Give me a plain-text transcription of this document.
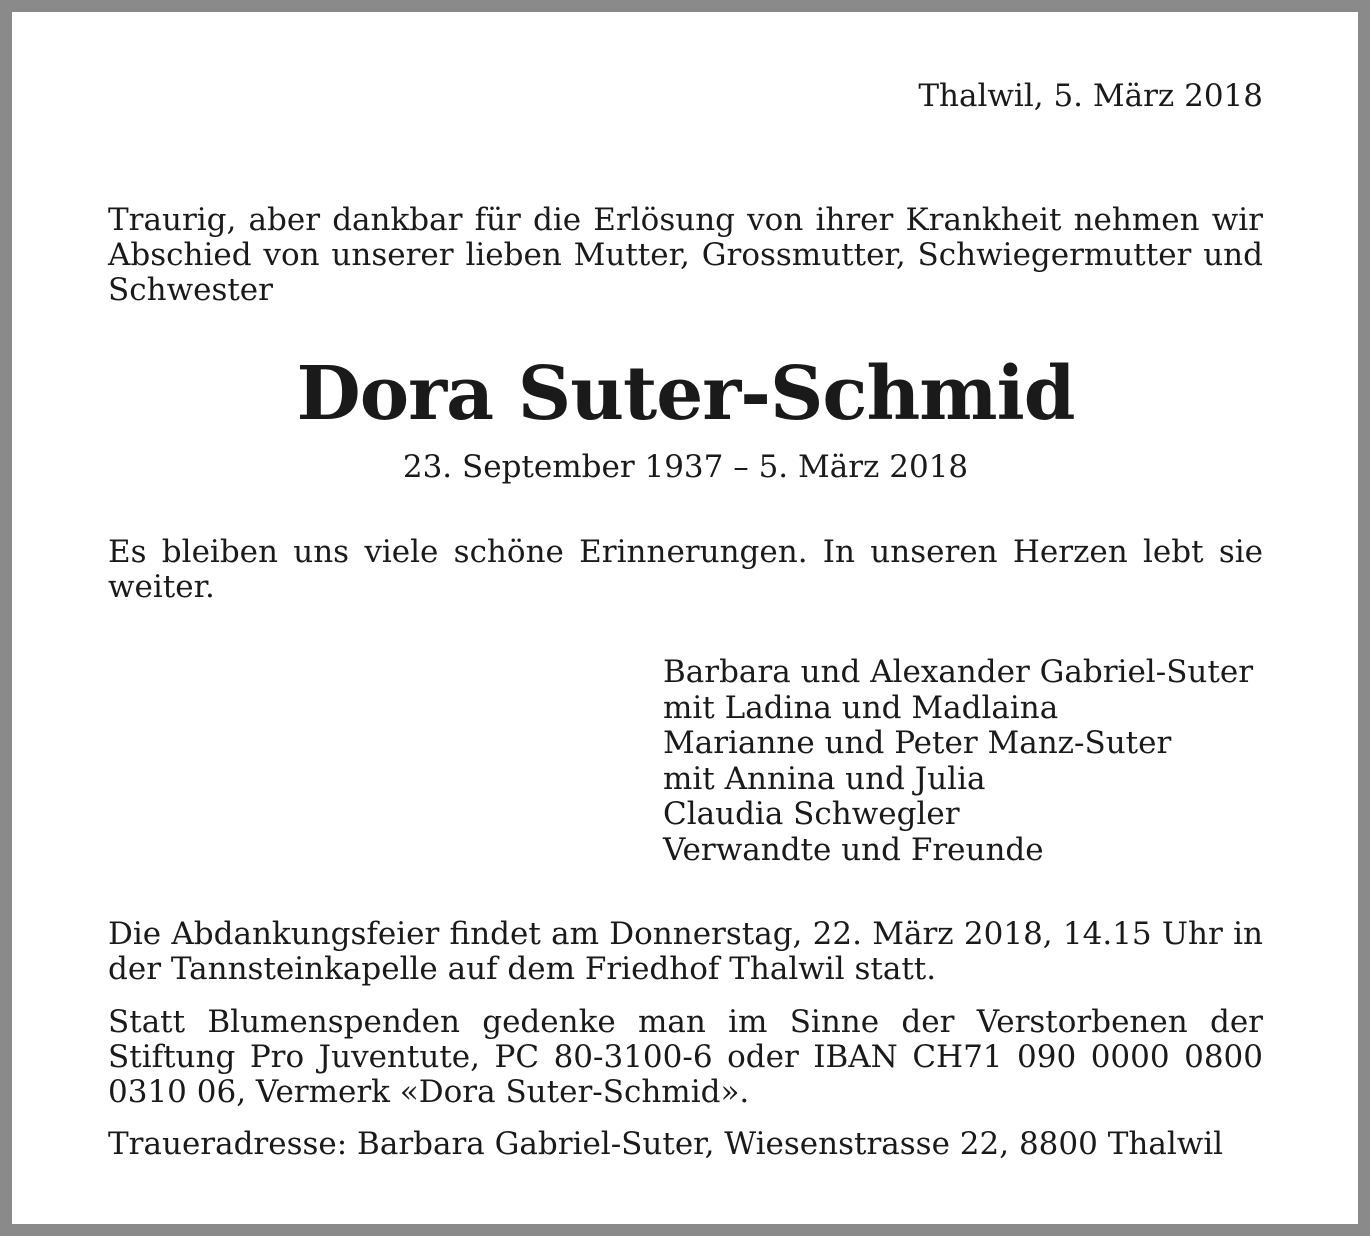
Thalwil, 5. März 2018

Traurig, aber dankbar für die Erlösung von ihrer Krankheit nehmen wir Abschied von unserer lieben Mutter, Grossmutter, Schwiegermutter und Schwester

Dora Suter-Schmid
23. September 1937 – 5. März 2018

Es bleiben uns viele schöne Erinnerungen. In unseren Herzen lebt sie weiter.

Barbara und Alexander Gabriel-Suter
mit Ladina und Madlaina
Marianne und Peter Manz-Suter
mit Annina und Julia
Claudia Schwegler
Verwandte und Freunde

Die Abdankungsfeier findet am Donnerstag, 22. März 2018, 14.15 Uhr in der Tannsteinkapelle auf dem Friedhof Thalwil statt.

Statt Blumenspenden gedenke man im Sinne der Verstorbenen der Stiftung Pro Juventute, PC 80-3100-6 oder IBAN CH71 090 0000 0800 0310 06, Vermerk «Dora Suter-Schmid».

Traueradresse: Barbara Gabriel-Suter, Wiesenstrasse 22, 8800 Thalwil
